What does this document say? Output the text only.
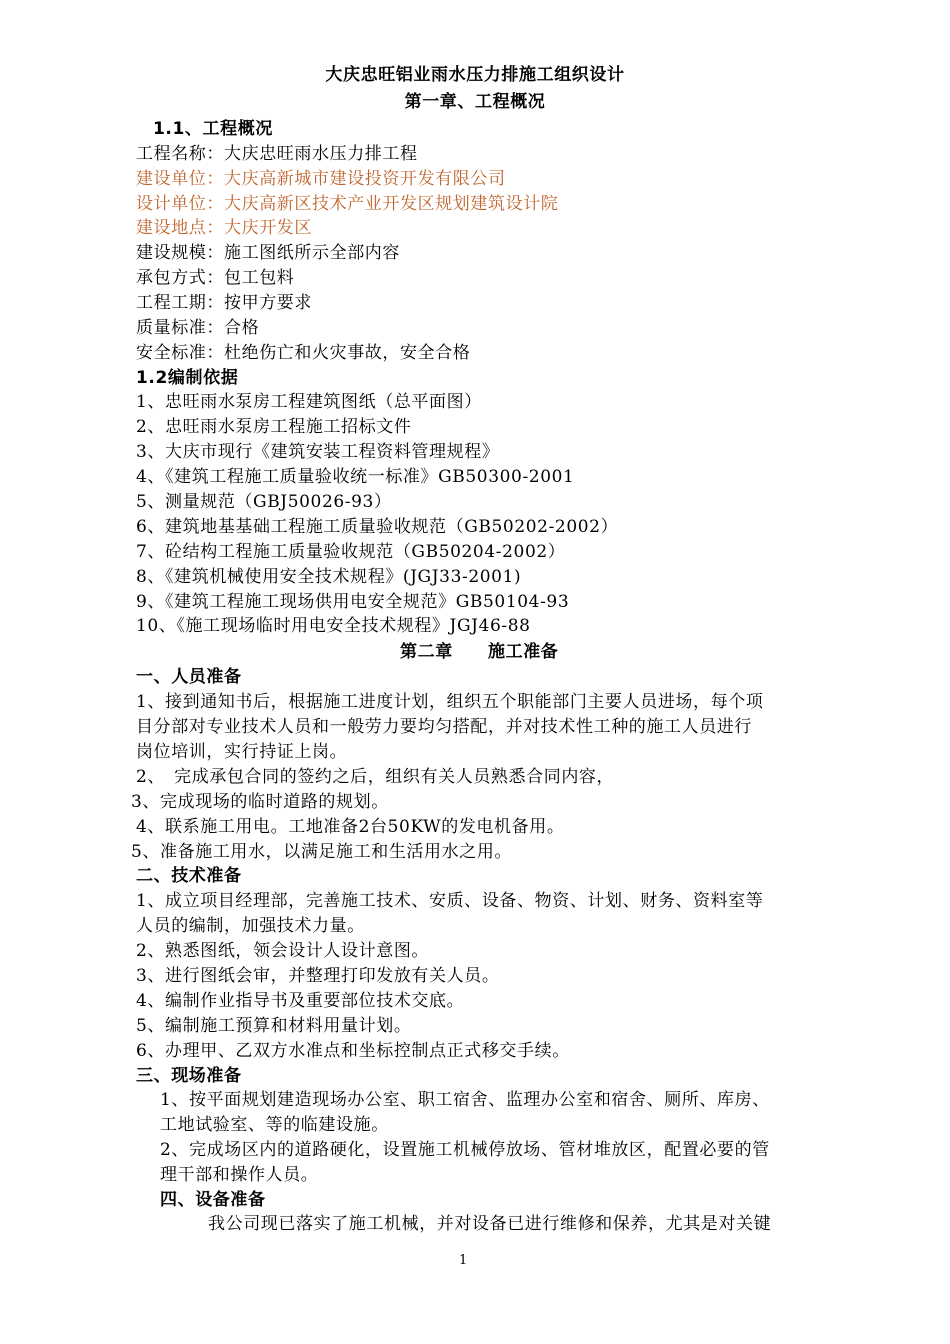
大庆忠旺铝业雨水压力排施工组织设计
第一章、工程概况
1.1、工程概况
工程名称：大庆忠旺雨水压力排工程
建设单位：大庆高新城市建设投资开发有限公司
设计单位：大庆高新区技术产业开发区规划建筑设计院
建设地点：大庆开发区
建设规模：施工图纸所示全部内容
承包方式：包工包料
工程工期：按甲方要求
质量标准：合格
安全标准：杜绝伤亡和火灾事故，安全合格
1.2编制依据
1、忠旺雨水泵房工程建筑图纸（总平面图）
2、忠旺雨水泵房工程施工招标文件
3、大庆市现行《建筑安装工程资料管理规程》
4、《建筑工程施工质量验收统一标准》GB50300-2001
5、测量规范（GBJ50026-93）
6、建筑地基基础工程施工质量验收规范（GB50202-2002）
7、砼结构工程施工质量验收规范（GB50204-2002）
8、《建筑机械使用安全技术规程》(JGJ33-2001)
9、《建筑工程施工现场供用电安全规范》GB50104-93
10、《施工现场临时用电安全技术规程》JGJ46-88
第二章　　施工准备
一、人员准备
1、接到通知书后，根据施工进度计划，组织五个职能部门主要人员进场，每个项
目分部对专业技术人员和一般劳力要均匀搭配，并对技术性工种的施工人员进行
岗位培训，实行持证上岗。
2、　完成承包合同的签约之后，组织有关人员熟悉合同内容，
3、完成现场的临时道路的规划。
4、联系施工用电。工地准备2台50KW的发电机备用。
5、准备施工用水，以满足施工和生活用水之用。
二、技术准备
1、成立项目经理部，完善施工技术、安质、设备、物资、计划、财务、资料室等
人员的编制，加强技术力量。
2、熟悉图纸，领会设计人设计意图。
3、进行图纸会审，并整理打印发放有关人员。
4、编制作业指导书及重要部位技术交底。
5、编制施工预算和材料用量计划。
6、办理甲、乙双方水准点和坐标控制点正式移交手续。
三、现场准备
1、按平面规划建造现场办公室、职工宿舍、监理办公室和宿舍、厕所、库房、
工地试验室、等的临建设施。
2、完成场区内的道路硬化，设置施工机械停放场、管材堆放区，配置必要的管
理干部和操作人员。
四、设备准备
我公司现已落实了施工机械，并对设备已进行维修和保养，尤其是对关键
1
